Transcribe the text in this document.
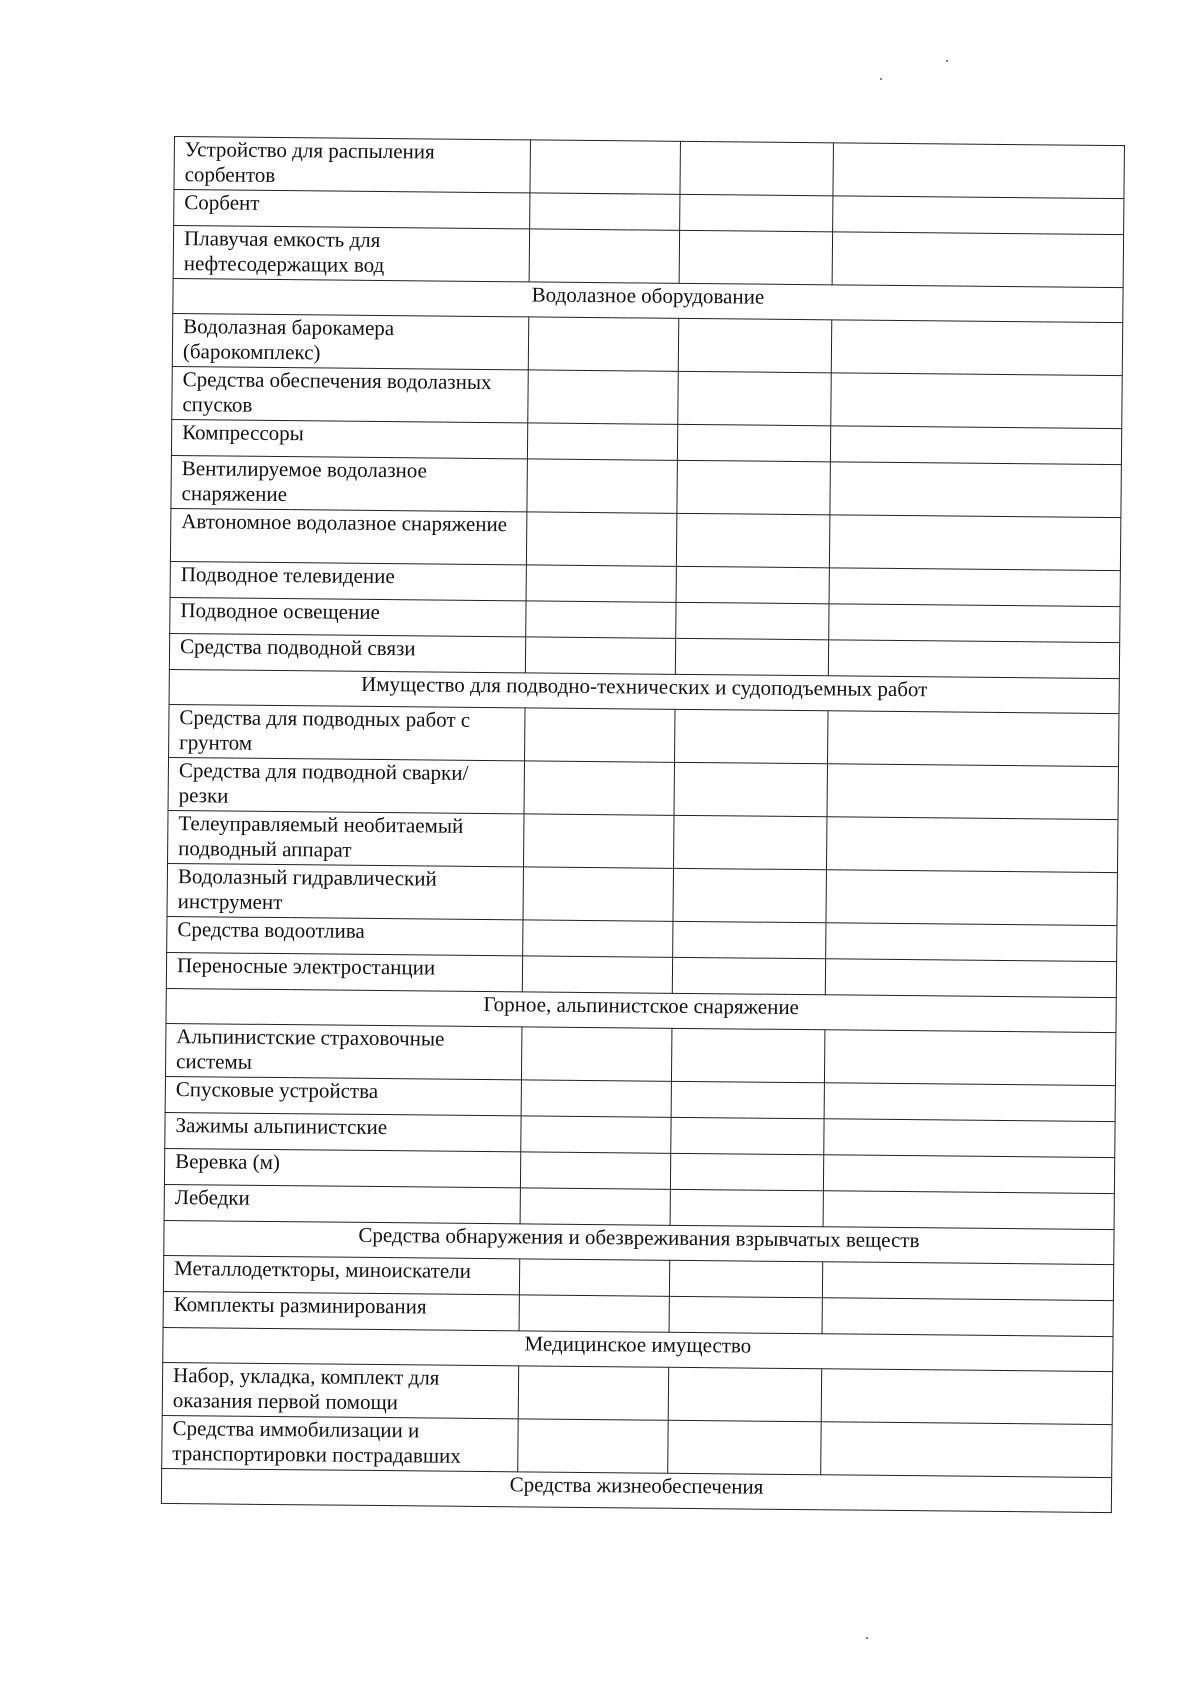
Устройство для распыления сорбентов			
Сорбент			
Плавучая емкость для нефтесодержащих вод			
Водолазное оборудование			
Водолазная барокамера (барокомплекс)			
Средства обеспечения водолазных спусков			
Компрессоры			
Вентилируемое водолазное снаряжение			
Автономное водолазное снаряжение			
Подводное телевидение			
Подводное освещение			
Средства подводной связи			
Имущество для подводно-технических и судоподъемных работ			
Средства для подводных работ с грунтом			
Средства для подводной сварки/резки			
Телеуправляемый необитаемый подводный аппарат			
Водолазный гидравлический инструмент			
Средства водоотлива			
Переносные электростанции			
Горное, альпинистское снаряжение			
Альпинистские страховочные системы			
Спусковые устройства			
Зажимы альпинистские			
Веревка (м)			
Лебедки			
Средства обнаружения и обезвреживания взрывчатых веществ			
Металлодеткторы, миноискатели			
Комплекты разминирования			
Медицинское имущество			
Набор, укладка, комплект для оказания первой помощи			
Средства иммобилизации и транспортировки пострадавших			
Средства жизнеобеспечения			
